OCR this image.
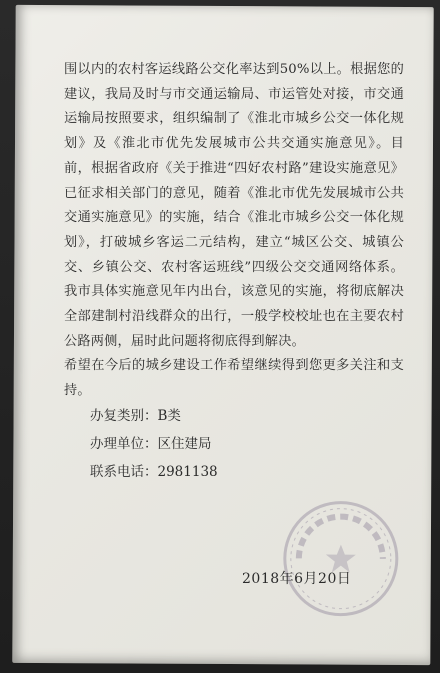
围以内的农村客运线路公交化率达到50%以上。根据您的建议，我局及时与市交通运输局、市运管处对接，市交通运输局按照要求，组织编制了《淮北市城乡公交一体化规划》及《淮北市优先发展城市公共交通实施意见》。目前，根据省政府《关于推进“四好农村路”建设实施意见》已征求相关部门的意见，随着《淮北市优先发展城市公共交通实施意见》的实施，结合《淮北市城乡公交一体化规划》，打破城乡客运二元结构，建立“城区公交、城镇公交、乡镇公交、农村客运班线”四级公交交通网络体系。我市具体实施意见年内出台，该意见的实施，将彻底解决全部建制村沿线群众的出行，一般学校校址也在主要农村公路两侧，届时此问题将彻底得到解决。

希望在今后的城乡建设工作希望继续得到您更多关注和支持。

办复类别：B类
办理单位：区住建局
联系电话：2981138
2018年6月20日
